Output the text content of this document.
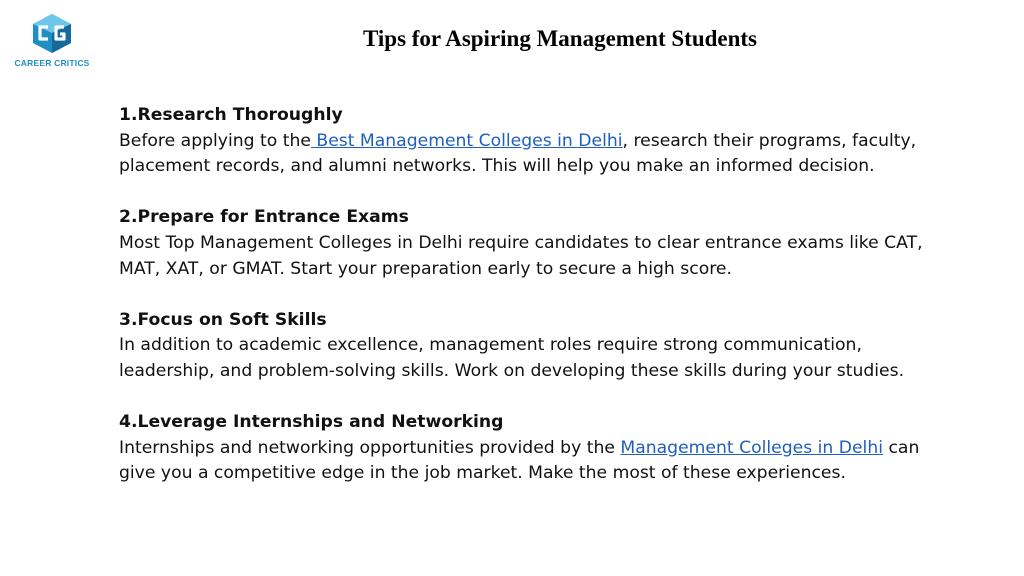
CAREER CRITICS
Tips for Aspiring Management Students
1.Research Thoroughly

Before applying to the Best Management Colleges in Delhi, research their programs, faculty, placement records, and alumni networks. This will help you make an informed decision.

2.Prepare for Entrance Exams

Most Top Management Colleges in Delhi require candidates to clear entrance exams like CAT, MAT, XAT, or GMAT. Start your preparation early to secure a high score.

3.Focus on Soft Skills

In addition to academic excellence, management roles require strong communication, leadership, and problem-solving skills. Work on developing these skills during your studies.

4.Leverage Internships and Networking

Internships and networking opportunities provided by the Management Colleges in Delhi can give you a competitive edge in the job market. Make the most of these experiences.
